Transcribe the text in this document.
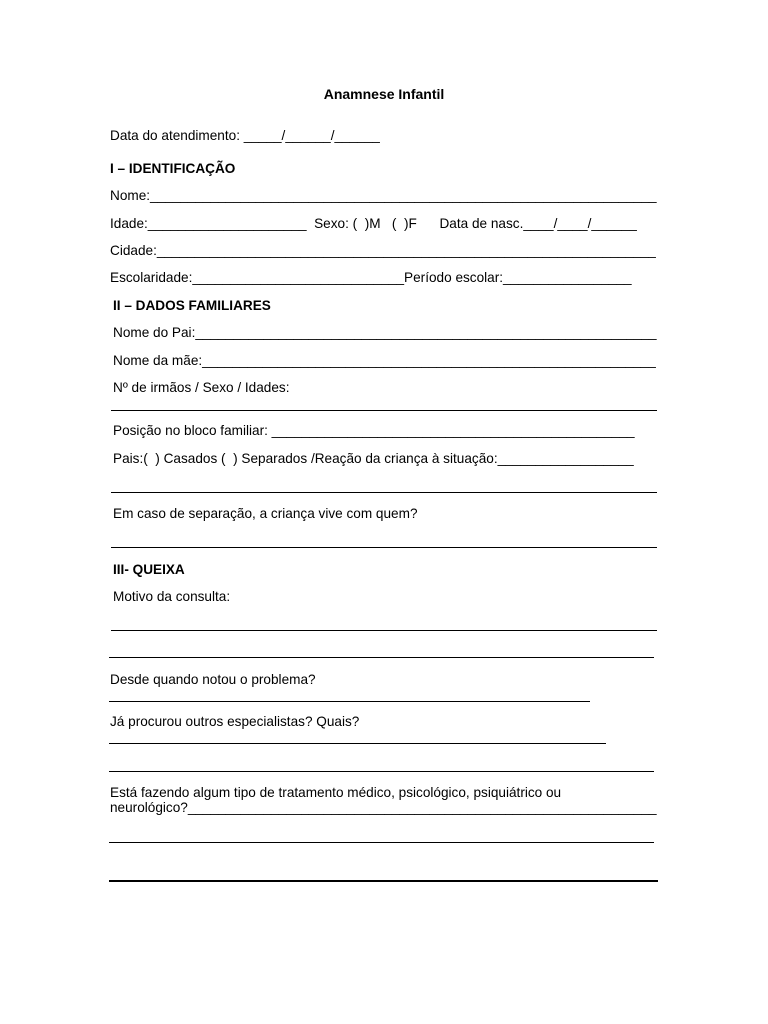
Anamnese Infantil
Data do atendimento: _____/______/______
I – IDENTIFICAÇÃO
Nome:___________________________________________________________________
Idade:_____________________  Sexo: (  )M   (  )F      Data de nasc.____/____/______
Cidade:__________________________________________________________________
Escolaridade:____________________________Período escolar:_________________
II – DADOS FAMILIARES
Nome do Pai:_____________________________________________________________
Nome da mãe:____________________________________________________________
Nº de irmãos / Sexo / Idades:
Posição no bloco familiar: ________________________________________________
Pais:(  ) Casados (  ) Separados /Reação da criança à situação:__________________
Em caso de separação, a criança vive com quem?
III- QUEIXA
Motivo da consulta:
Desde quando notou o problema?
Já procurou outros especialistas? Quais?
Está fazendo algum tipo de tratamento médico, psicológico, psiquiátrico ou
neurológico?______________________________________________________________
